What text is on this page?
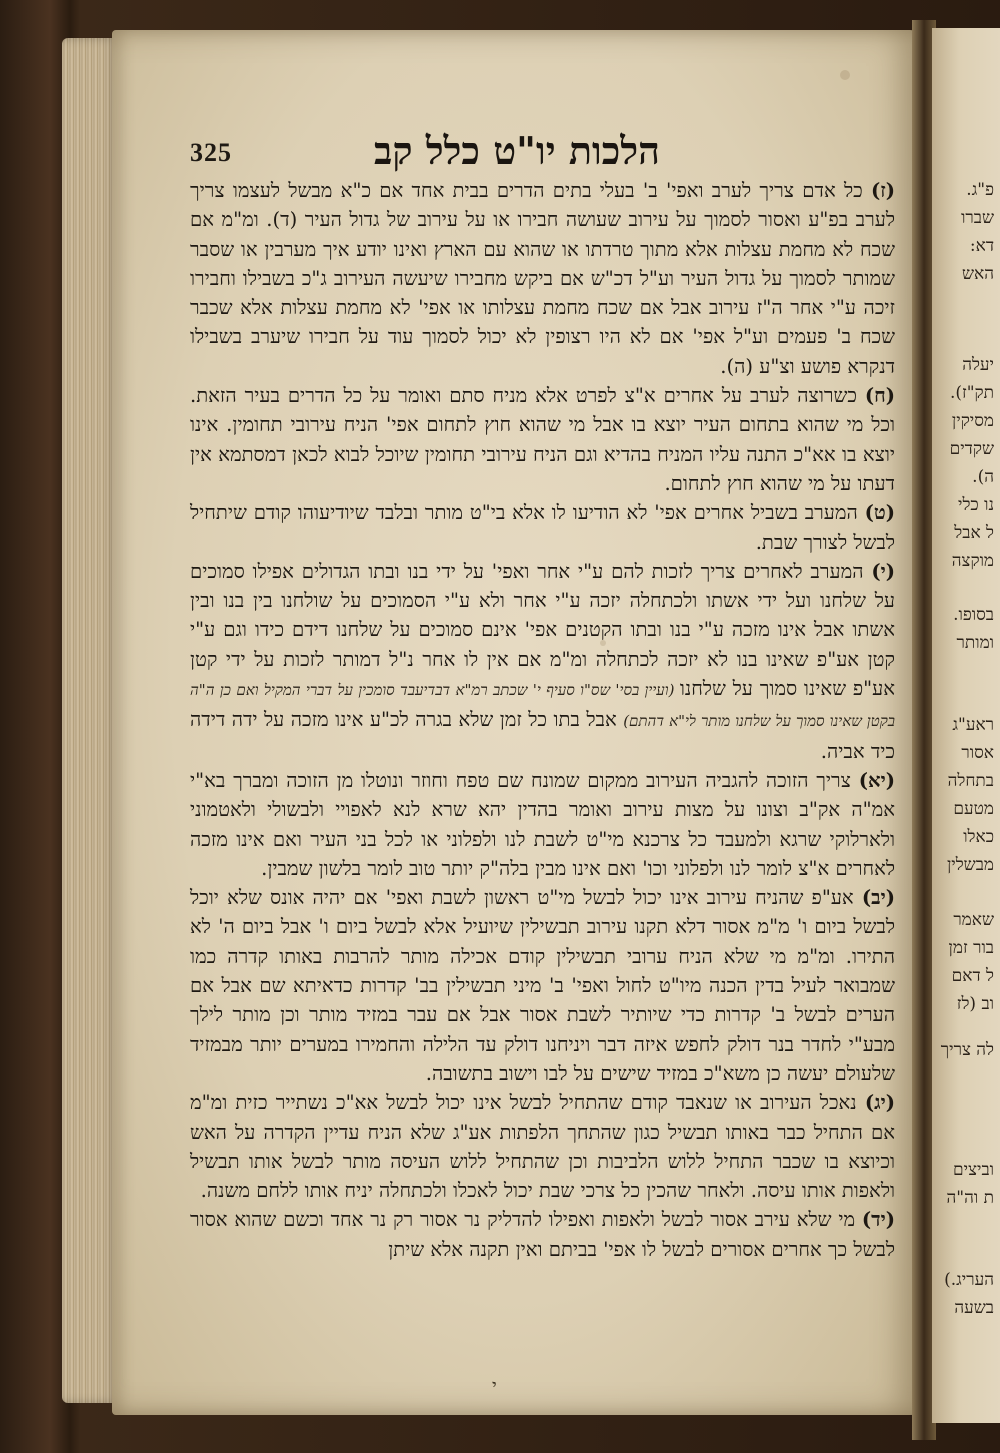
פ"ג.
שברו
דא:
האש
יעלה
תק"ז).
מסיקין
שקדים
ה).
נו כלי
ל אבל
מוקצה
בסופו.
ומותר
ראע"ג
אסור
בתחלה
מטעם
כאלו
מבשלין
שאמר
בור זמן
ל דאם
וב (לז
לה צריך
וביצים
ת וה"ה
העריג.)
בשעה
325	הלכות יו"ט כלל קב

(ז) כל אדם צריך לערב ואפי' ב' בעלי בתים הדרים בבית אחד אם כ"א מבשל לעצמו צריך לערב בפ"ע ואסור לסמוך על עירוב שעושה חבירו או על עירוב של גדול העיר (ד). ומ"מ אם שכח לא מחמת עצלות אלא מתוך טרדתו או שהוא עם הארץ ואינו יודע איך מערבין או שסבר שמותר לסמוך על גדול העיר וע"ל דכ"ש אם ביקש מחבירו שיעשה העירוב ג"כ בשבילו וחבירו זיכה ע"י אחר ה"ז עירוב אבל אם שכח מחמת עצלותו או אפי' לא מחמת עצלות אלא שכבר שכח ב' פעמים וע"ל אפי' אם לא היו רצופין לא יכול לסמוך עוד על חבירו שיערב בשבילו דנקרא פושע וצ"ע (ה).

(ח) כשרוצה לערב על אחרים א"צ לפרט אלא מניח סתם ואומר על כל הדרים בעיר הזאת. וכל מי שהוא בתחום העיר יוצא בו אבל מי שהוא חוץ לתחום אפי' הניח עירובי תחומין. אינו יוצא בו אא"כ התנה עליו המניח בהדיא וגם הניח עירובי תחומין שיוכל לבוא לכאן דמסתמא אין דעתו על מי שהוא חוץ לתחום.

(ט) המערב בשביל אחרים אפי' לא הודיעו לו אלא בי"ט מותר ובלבד שיודיעוהו קודם שיתחיל לבשל לצורך שבת.

(י) המערב לאחרים צריך לזכות להם ע"י אחר ואפי' על ידי בנו ובתו הגדולים אפילו סמוכים על שלחנו ועל ידי אשתו ולכתחלה יזכה ע"י אחר ולא ע"י הסמוכים על שולחנו בין בנו ובין אשתו אבל אינו מזכה ע"י בנו ובתו הקטנים אפי' אינם סמוכים על שלחנו דידם כידו וגם ע"י קטן אע"פ שאינו בנו לא יזכה לכתחלה ומ"מ אם אין לו אחר נ"ל דמותר לזכות על ידי קטן אע"פ שאינו סמוך על שלחנו (ועיין בסי' שס"ו סעיף י' שכתב רמ"א דבדיעבד סומכין על דברי המקיל ואם כן ה"ה בקטן שאינו סמוך על שלחנו מותר לי"א דהתם) אבל בתו כל זמן שלא בגרה לכ"ע אינו מזכה על ידה דידה כיד אביה.

(יא) צריך הזוכה להגביה העירוב ממקום שמונח שם טפח וחוזר ונוטלו מן הזוכה ומברך בא"י אמ"ה אק"ב וצונו על מצות עירוב ואומר בהדין יהא שרא לנא לאפויי ולבשולי ולאטמוני ולארלוקי שרגא ולמעבד כל צרכנא מי"ט לשבת לנו ולפלוני או לכל בני העיר ואם אינו מזכה לאחרים א"צ לומר לנו ולפלוני וכו' ואם אינו מבין בלה"ק יותר טוב לומר בלשון שמבין.

(יב) אע"פ שהניח עירוב אינו יכול לבשל מי"ט ראשון לשבת ואפי' אם יהיה אונס שלא יוכל לבשל ביום ו' מ"מ אסור דלא תקנו עירוב תבשילין שיועיל אלא לבשל ביום ו' אבל ביום ה' לא התירו. ומ"מ מי שלא הניח ערובי תבשילין קודם אכילה מותר להרבות באותו קדרה כמו שמבואר לעיל בדין הכנה מיו"ט לחול ואפי' ב' מיני תבשילין בב' קדרות כדאיתא שם אבל אם הערים לבשל ב' קדרות כדי שיותיר לשבת אסור אבל אם עבר במזיד מותר וכן מותר לילך מבע"י לחדר בנר דולק לחפש איזה דבר ויניחנו דולק עד הלילה והחמירו במערים יותר מבמזיד שלעולם יעשה כן משא"כ במזיד שישים על לבו וישוב בתשובה.

(יג) נאכל העירוב או שנאבד קודם שהתחיל לבשל אינו יכול לבשל אא"כ נשתייר כזית ומ"מ אם התחיל כבר באותו תבשיל כגון שהתחך הלפתות אע"ג שלא הניח עדיין הקדרה על האש וכיוצא בו שכבר התחיל ללוש הלביבות וכן שהתחיל ללוש העיסה מותר לבשל אותו תבשיל ולאפות אותו עיסה. ולאחר שהכין כל צרכי שבת יכול לאכלו ולכתחלה יניח אותו ללחם משנה.

(יד) מי שלא עירב אסור לבשל ולאפות ואפילו להדליק נר אסור רק נר אחד וכשם שהוא אסור לבשל כך אחרים אסורים לבשל לו אפי' בביתם ואין תקנה אלא שיתן

י
